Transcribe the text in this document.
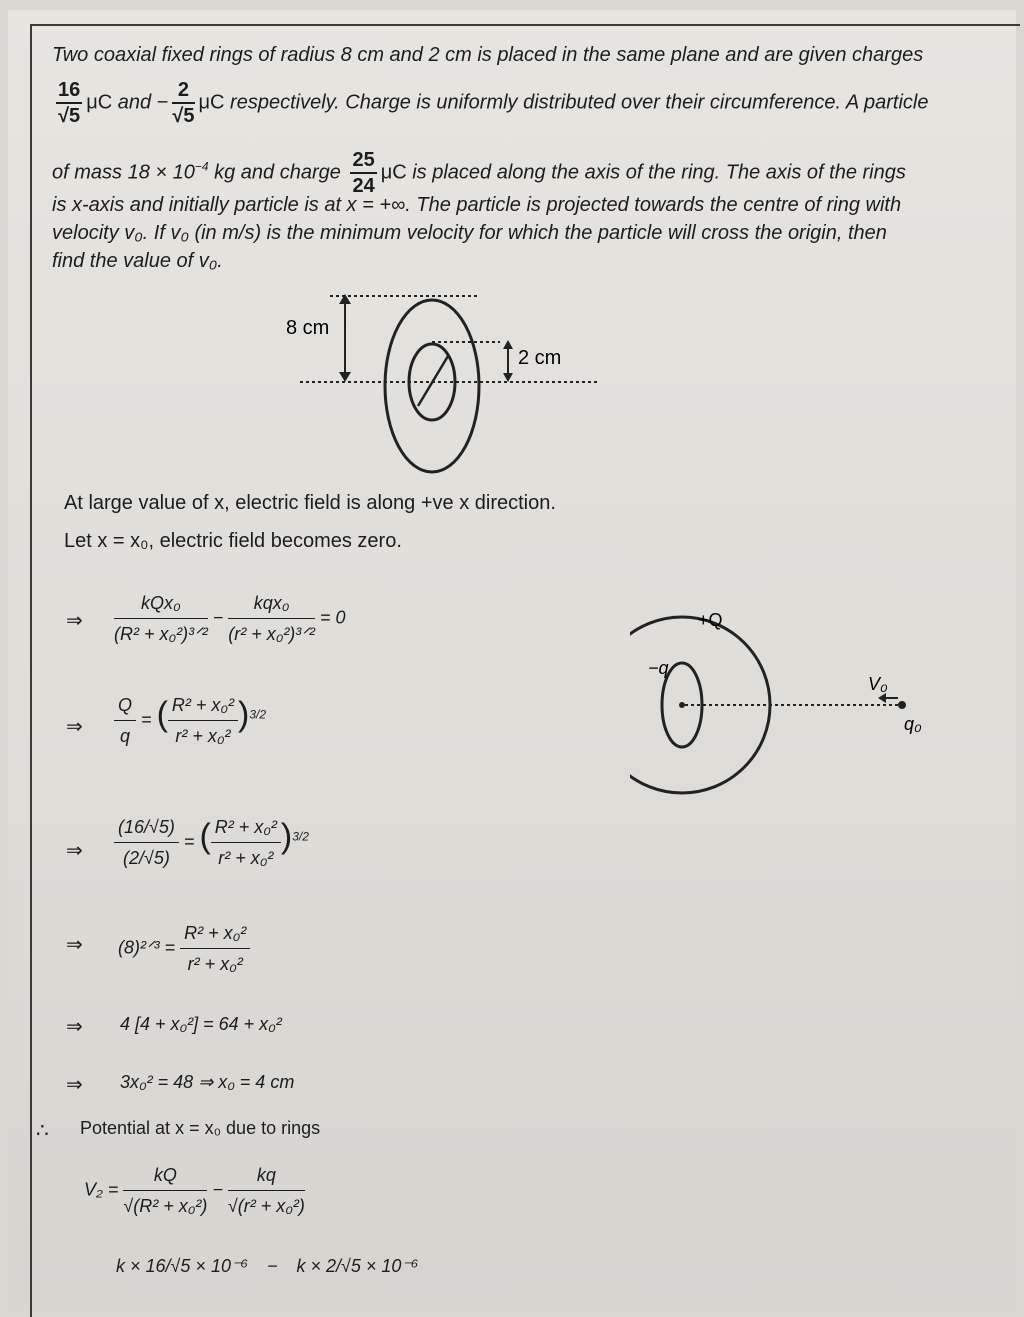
Two coaxial fixed rings of radius 8 cm and 2 cm is placed in the same plane and are given charges
$\frac{16}{√5}$ μC and − $\frac{2}{√5}$ μC respectively. Charge is uniformly distributed over their circumference. A particle
of mass $18 \times 10^{-4}$ kg and charge $\frac{25}{24}$ μC is placed along the axis of the ring. The axis of the rings
is x-axis and initially particle is at x = +∞. The particle is projected towards the centre of ring with
velocity v₀. If v₀ (in m/s) is the minimum velocity for which the particle will cross the origin, then
find the value of v₀.
8 cm
2 cm
At large value of x, electric field is along +ve x direction.
Let x = x₀, electric field becomes zero.
⇒
kQx₀
(R² + x₀²)³ᐟ²
−
kqx₀
(r² + x₀²)³ᐟ²
= 0
⇒ $\frac{Q}{q}$ = ( $\frac{\text{R² + x₀²}}{\text{r² + x₀²}} )^{3/2}$
⇒ $\frac{(16/√5)}{(2/√5)}$ = ( $\frac{\text{R² + x₀²}}{\text{r² + x₀²}} )^{3/2}$
⇒ (8)²ᐟ³ = $\frac{\text{R² + x₀²}}{\text{r² + x₀²}}$
⇒ 4 [4 + x₀²] = 64 + x₀²
⇒ 3x₀² = 48 ⇒ x₀ = 4 cm
∴ Potential at x = x₀ due to rings
$V_2 = \frac{kQ}{\text{√(R² + x₀²)}} - \frac{kq}{\text{√(r² + x₀²)}}$
k × 16/√5 × 10⁻⁶ − k × 2/√5 × 10⁻⁶
+Q
−q
V₀
q₀
